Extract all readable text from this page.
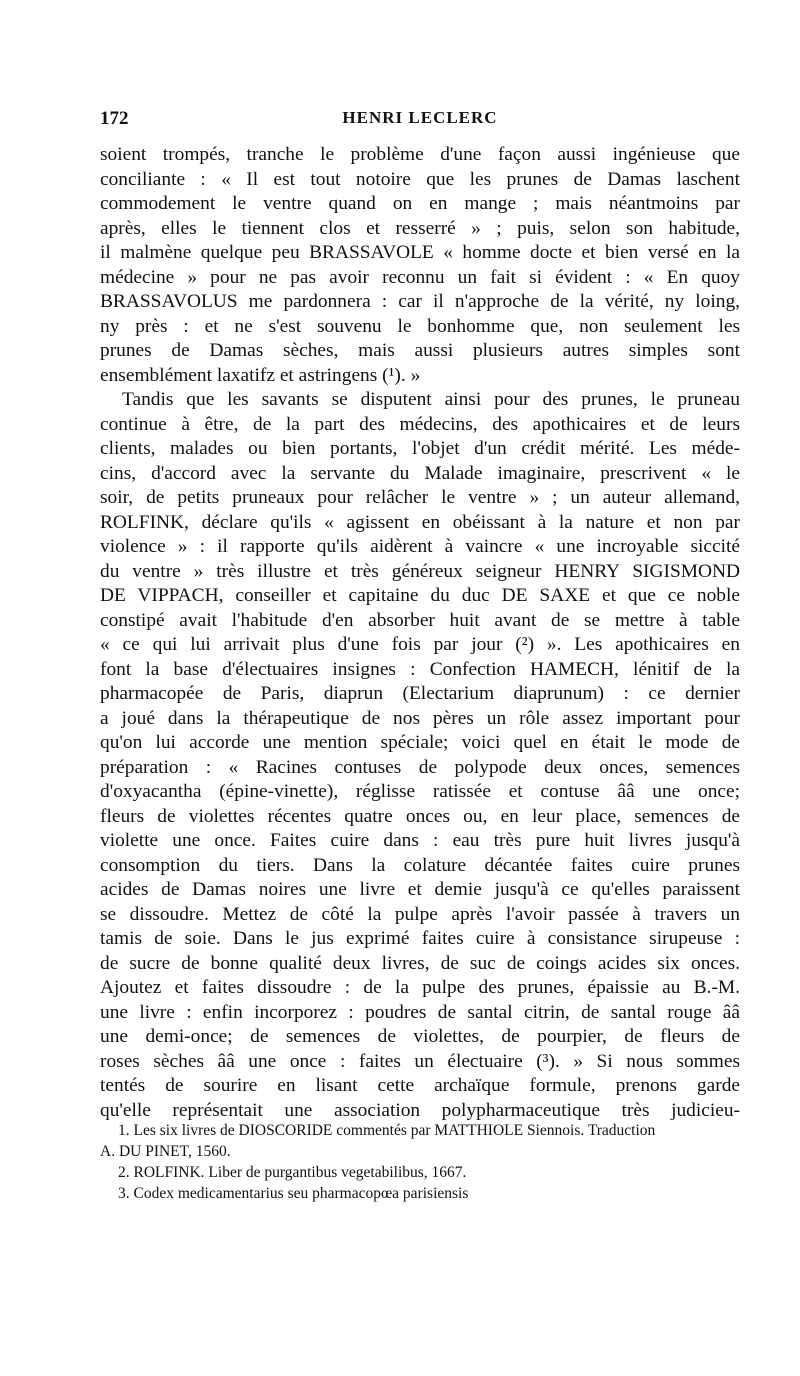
172	HENRI LECLERC
soient trompés, tranche le problème d'une façon aussi ingénieuse que
conciliante : « Il est tout notoire que les prunes de Damas laschent
commodement le ventre quand on en mange ; mais néantmoins par
après, elles le tiennent clos et resserré » ; puis, selon son habitude,
il malmène quelque peu BRASSAVOLE « homme docte et bien versé en la
médecine » pour ne pas avoir reconnu un fait si évident : « En quoy
BRASSAVOLUS me pardonnera : car il n'approche de la vérité, ny loing,
ny près : et ne s'est souvenu le bonhomme que, non seulement les
prunes de Damas sèches, mais aussi plusieurs autres simples sont
ensemblément laxatifz et astringens (¹). »
Tandis que les savants se disputent ainsi pour des prunes, le pruneau
continue à être, de la part des médecins, des apothicaires et de leurs
clients, malades ou bien portants, l'objet d'un crédit mérité. Les méde-
cins, d'accord avec la servante du Malade imaginaire, prescrivent « le
soir, de petits pruneaux pour relâcher le ventre » ; un auteur allemand,
ROLFINK, déclare qu'ils « agissent en obéissant à la nature et non par
violence » : il rapporte qu'ils aidèrent à vaincre « une incroyable siccité
du ventre » très illustre et très généreux seigneur HENRY SIGISMOND
DE VIPPACH, conseiller et capitaine du duc DE SAXE et que ce noble
constipé avait l'habitude d'en absorber huit avant de se mettre à table
« ce qui lui arrivait plus d'une fois par jour (²) ». Les apothicaires en
font la base d'électuaires insignes : Confection HAMECH, lénitif de la
pharmacopée de Paris, diaprun (Electarium diaprunum) : ce dernier
a joué dans la thérapeutique de nos pères un rôle assez important pour
qu'on lui accorde une mention spéciale; voici quel en était le mode de
préparation : « Racines contuses de polypode deux onces, semences
d'oxyacantha (épine-vinette), réglisse ratissée et contuse ââ une once;
fleurs de violettes récentes quatre onces ou, en leur place, semences de
violette une once. Faites cuire dans : eau très pure huit livres jusqu'à
consomption du tiers. Dans la colature décantée faites cuire prunes
acides de Damas noires une livre et demie jusqu'à ce qu'elles paraissent
se dissoudre. Mettez de côté la pulpe après l'avoir passée à travers un
tamis de soie. Dans le jus exprimé faites cuire à consistance sirupeuse :
de sucre de bonne qualité deux livres, de suc de coings acides six onces.
Ajoutez et faites dissoudre : de la pulpe des prunes, épaissie au B.-M.
une livre : enfin incorporez : poudres de santal citrin, de santal rouge ââ
une demi-once; de semences de violettes, de pourpier, de fleurs de
roses sèches ââ une once : faites un électuaire (³). » Si nous sommes
tentés de sourire en lisant cette archaïque formule, prenons garde
qu'elle représentait une association polypharmaceutique très judicieu-
1. Les six livres de DIOSCORIDE commentés par MATTHIOLE Siennois. Traduction
A. DU PINET, 1560.
2. ROLFINK. Liber de purgantibus vegetabilibus, 1667.
3. Codex medicamentarius seu pharmacopœa parisiensis
